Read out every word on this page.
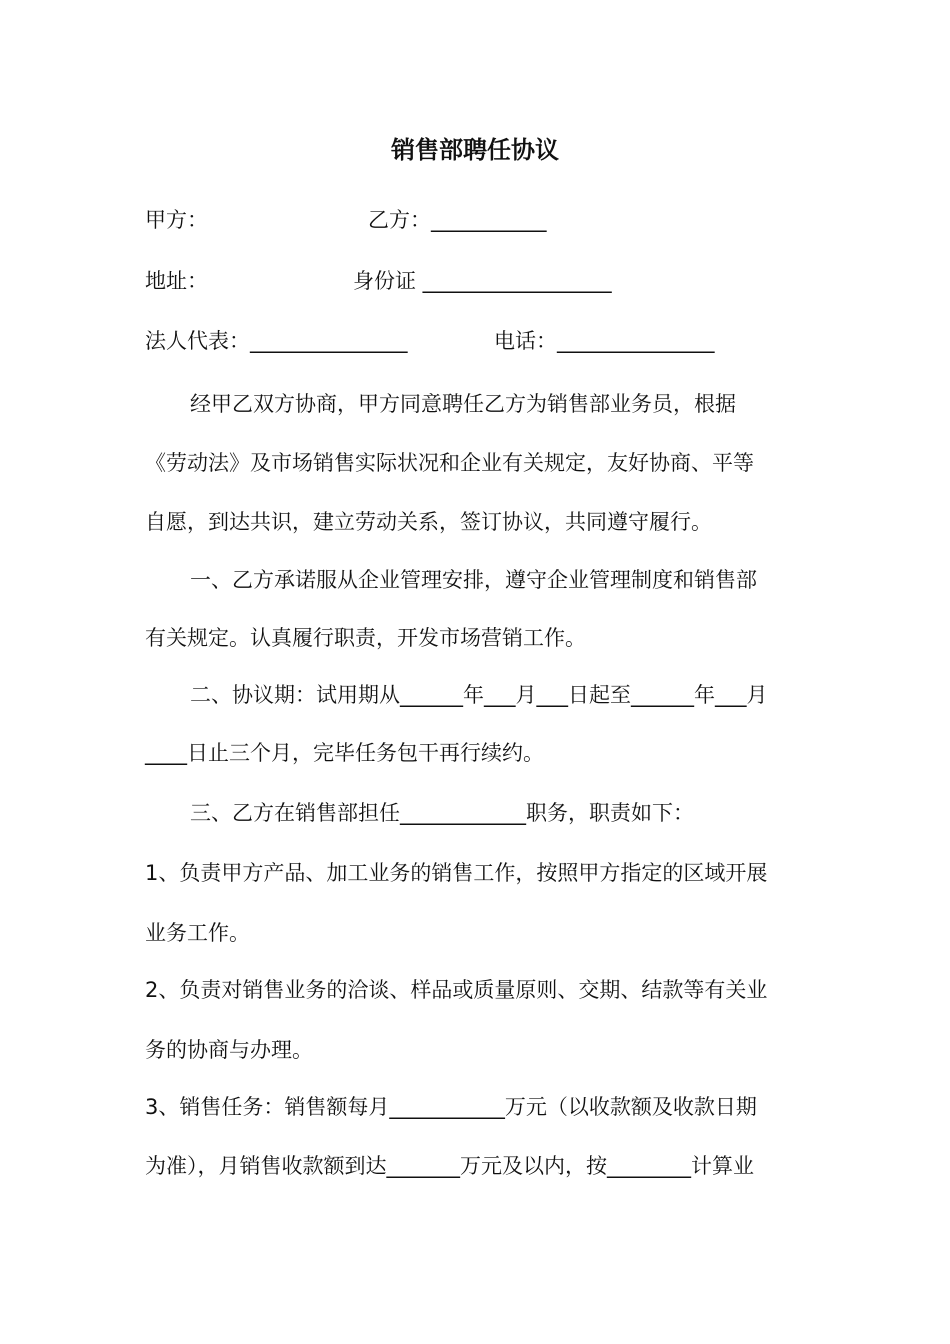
销售部聘任协议
甲方：	乙方：___________
地址：	身份证 __________________
法人代表：_______________	电话：_______________
经甲乙双方协商，甲方同意聘任乙方为销售部业务员，根据
《劳动法》及市场销售实际状况和企业有关规定，友好协商、平等
自愿，到达共识，建立劳动关系，签订协议，共同遵守履行。
一、乙方承诺服从企业管理安排，遵守企业管理制度和销售部
有关规定。认真履行职责，开发市场营销工作。
二、协议期：试用期从______年___月___日起至______年___月
____日止三个月，完毕任务包干再行续约。
三、乙方在销售部担任____________职务，职责如下：
1、负责甲方产品、加工业务的销售工作，按照甲方指定的区域开展
业务工作。
2、负责对销售业务的洽谈、样品或质量原则、交期、结款等有关业
务的协商与办理。
3、销售任务：销售额每月___________万元（以收款额及收款日期
为准），月销售收款额到达_______万元及以内，按________计算业
